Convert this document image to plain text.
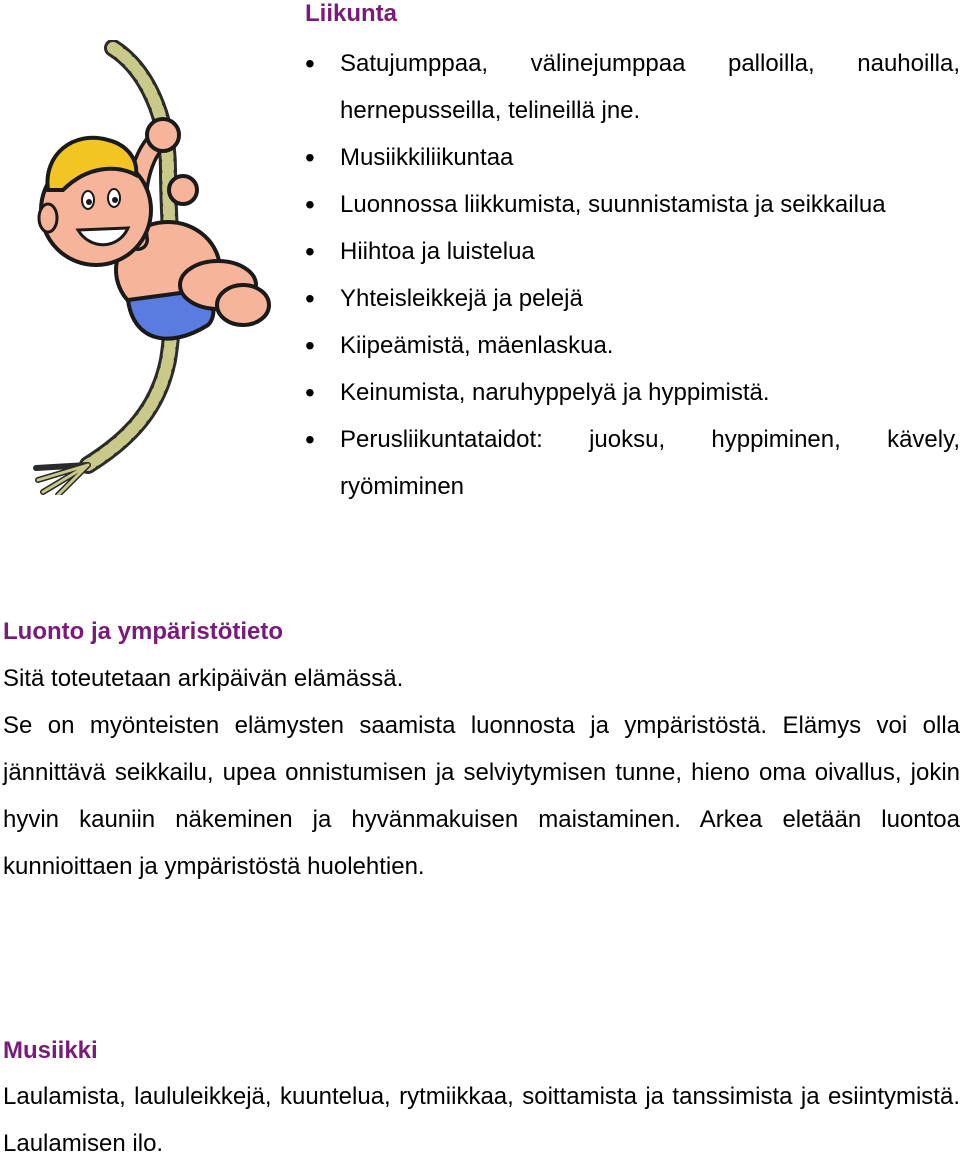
Liikunta
• Satujumppaa, välinejumppaa palloilla, nauhoilla,
hernepusseilla, telineillä jne.
• Musiikkiliikuntaa
• Luonnossa liikkumista, suunnistamista ja seikkailua
• Hiihtoa ja luistelua
• Yhteisleikkejä ja pelejä
• Kiipeämistä, mäenlaskua.
• Keinumista, naruhyppelyä ja hyppimistä.
• Perusliikuntataidot: juoksu, hyppiminen, kävely,
ryömiminen
Luonto ja ympäristötieto

Sitä toteutetaan arkipäivän elämässä.

Se on myönteisten elämysten saamista luonnosta ja ympäristöstä. Elämys voi olla jännittävä seikkailu, upea onnistumisen ja selviytymisen tunne, hieno oma oivallus, jokin hyvin kauniin näkeminen ja hyvänmakuisen maistaminen. Arkea eletään luontoa kunnioittaen ja ympäristöstä huolehtien.

Musiikki

Laulamista, laululeikkejä, kuuntelua, rytmiikkaa, soittamista ja tanssimista ja esiintymistä. Laulamisen ilo.
